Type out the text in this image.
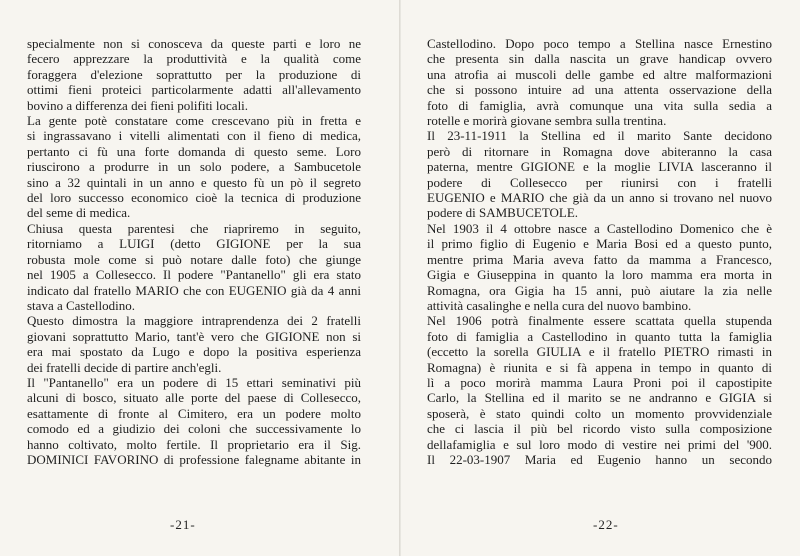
specialmente non si conosceva da queste parti e loro ne
fecero apprezzare la produttività e la qualità come
foraggera d'elezione soprattutto per la produzione di
ottimi fieni proteici particolarmente adatti all'allevamento
bovino a differenza dei fieni polifiti locali.
La gente potè constatare come crescevano più in fretta e
si ingrassavano i vitelli alimentati con il fieno di medica,
pertanto ci fù una forte domanda di questo seme. Loro
riuscirono a produrre in un solo podere, a Sambucetole
sino a 32 quintali in un anno e questo fù un pò il segreto
del loro successo economico cioè la tecnica di produzione
del seme di medica.
Chiusa questa parentesi che riapriremo in seguito,
ritorniamo a LUIGI (detto GIGIONE per la sua
robusta mole come si può notare dalle foto) che giunge
nel 1905 a Collesecco. Il podere "Pantanello" gli era stato
indicato dal fratello MARIO che con EUGENIO già da 4 anni
stava a Castellodino.
Questo dimostra la maggiore intraprendenza dei 2 fratelli
giovani soprattutto Mario, tant'è vero che GIGIONE non si
era mai spostato da Lugo e dopo la positiva esperienza
dei fratelli decide di partire anch'egli.
Il "Pantanello" era un podere di 15 ettari seminativi più
alcuni di bosco, situato alle porte del paese di Collesecco,
esattamente di fronte al Cimitero, era un podere molto
comodo ed a giudizio dei coloni che successivamente lo
hanno coltivato, molto fertile. Il proprietario era il Sig.
DOMINICI FAVORINO di professione falegname abitante in
-21-
Castellodino. Dopo poco tempo a Stellina nasce Ernestino
che presenta sin dalla nascita un grave handicap ovvero
una atrofia ai muscoli delle gambe ed altre malformazioni
che si possono intuire ad una attenta osservazione della
foto di famiglia, avrà comunque una vita sulla sedia a
rotelle e morirà giovane sembra sulla trentina.
Il 23-11-1911 la Stellina ed il marito Sante decidono
però di ritornare in Romagna dove abiteranno la casa
paterna, mentre GIGIONE e la moglie LIVIA lasceranno il
podere di Collesecco per riunirsi con i fratelli
EUGENIO e MARIO che già da un anno si trovano nel nuovo
podere di SAMBUCETOLE.
Nel 1903 il 4 ottobre nasce a Castellodino Domenico che è
il primo figlio di Eugenio e Maria Bosi ed a questo punto,
mentre prima Maria aveva fatto da mamma a Francesco,
Gigia e Giuseppina in quanto la loro mamma era morta in
Romagna, ora Gigia ha 15 anni, può aiutare la zia nelle
attività casalinghe e nella cura del nuovo bambino.
Nel 1906 potrà finalmente essere scattata quella stupenda
foto di famiglia a Castellodino in quanto tutta la famiglia
(eccetto la sorella GIULIA e il fratello PIETRO rimasti in
Romagna) è riunita e si fà appena in tempo in quanto di
lì a poco morirà mamma Laura Proni poi il capostipite
Carlo, la Stellina ed il marito se ne andranno e GIGIA si
sposerà, è stato quindi colto un momento provvidenziale
che ci lascia il più bel ricordo visto sulla composizione
dellafamiglia e sul loro modo di vestire nei primi del '900.
Il 22-03-1907 Maria ed Eugenio hanno un secondo
-22-
